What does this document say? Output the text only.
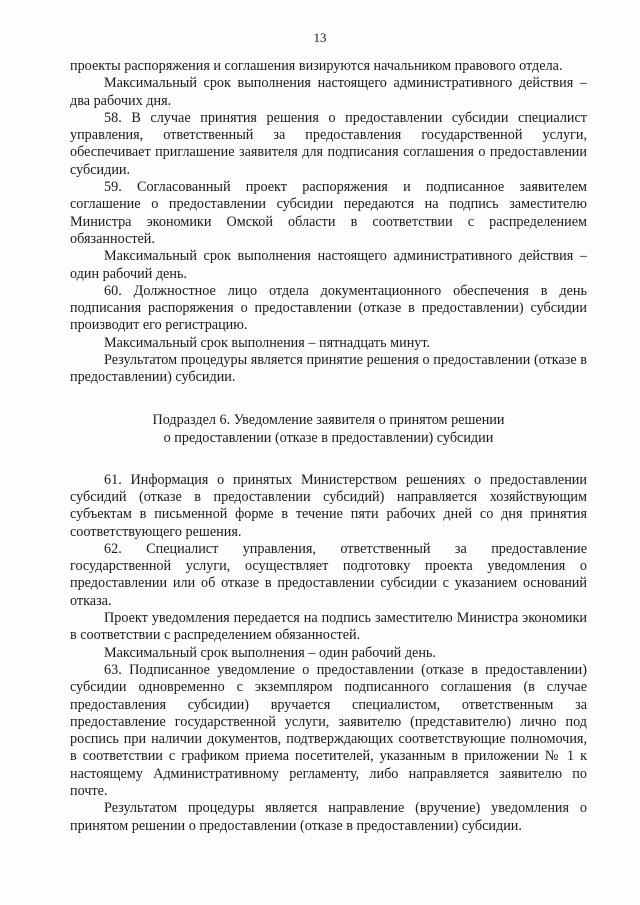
13

проекты распоряжения и соглашения визируются начальником правового отдела.

Максимальный срок выполнения настоящего административного действия – два рабочих дня.

58. В случае принятия решения о предоставлении субсидии специалист управления, ответственный за предоставления государственной услуги, обеспечивает приглашение заявителя для подписания соглашения о предоставлении субсидии.

59. Согласованный проект распоряжения и подписанное заявителем соглашение о предоставлении субсидии передаются на подпись заместителю Министра экономики Омской области в соответствии с распределением обязанностей.

Максимальный срок выполнения настоящего административного действия – один рабочий день.

60. Должностное лицо отдела документационного обеспечения в день подписания распоряжения о предоставлении (отказе в предоставлении) субсидии производит его регистрацию.

Максимальный срок выполнения – пятнадцать минут.

Результатом процедуры является принятие решения о предоставлении (отказе в предоставлении) субсидии.

Подраздел 6. Уведомление заявителя о принятом решении
о предоставлении (отказе в предоставлении) субсидии

61. Информация о принятых Министерством решениях о предоставлении субсидий (отказе в предоставлении субсидий) направляется хозяйствующим субъектам в письменной форме в течение пяти рабочих дней со дня принятия соответствующего решения.

62. Специалист управления, ответственный за предоставление государственной услуги, осуществляет подготовку проекта уведомления о предоставлении или об отказе в предоставлении субсидии с указанием оснований отказа.

Проект уведомления передается на подпись заместителю Министра экономики в соответствии с распределением обязанностей.

Максимальный срок выполнения – один рабочий день.

63. Подписанное уведомление о предоставлении (отказе в предоставлении) субсидии одновременно с экземпляром подписанного соглашения (в случае предоставления субсидии) вручается специалистом, ответственным за предоставление государственной услуги, заявителю (представителю) лично под роспись при наличии документов, подтверждающих соответствующие полномочия, в соответствии с графиком приема посетителей, указанным в приложении № 1 к настоящему Административному регламенту, либо направляется заявителю по почте.

Результатом процедуры является направление (вручение) уведомления о принятом решении о предоставлении (отказе в предоставлении) субсидии.
